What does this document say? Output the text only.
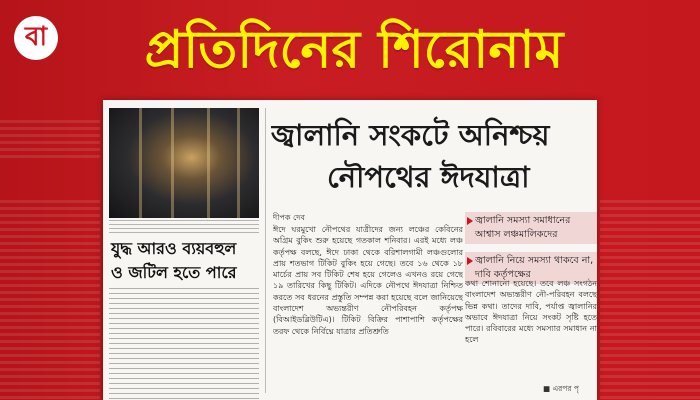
বা	প্রতিদিনের শিরোনাম
যুদ্ধ আরও ব্যয়বহুল
ও জটিল হতে পারে
জ্বালানি সংকটে অনিশ্চয়
নৌপথের ঈদযাত্রা
দীপক দেব
ঈদে ঘরমুখো নৌপথের যাত্রীদের জন্য লঞ্চের কেবিনের অগ্রিম বুকিং শুরু হয়েছে গতকাল শনিবার। এরই মধ্যে লঞ্চ কর্তৃপক্ষ বলছে, ঈদে ঢাকা থেকে বরিশালগামী লঞ্চগুলোর প্রায় শতভাগ টিকিট বুকিং হয়ে গেছে। তবে ১৬ থেকে ১৮ মার্চের প্রায় সব টিকিট শেষ হয়ে গেলেও এখনও রয়ে গেছে ১৯ তারিখের কিছু টিকিট। এদিকে নৌপথে ঈদযাত্রা নিশ্চিত করতে সব ধরনের প্রস্তুতি সম্পন্ন করা হয়েছে বলে জানিয়েছে বাংলাদেশ অভ্যন্তরীণ নৌপরিবহন কর্তৃপক্ষ (বিআইডব্লিউটিএ)। টিকিট বিক্রির পাশাপাশি কর্তৃপক্ষের তরফ থেকে নির্বিঘ্নে যাত্রার প্রতিশ্রুতি
জ্বালানি সমস্যা সমাধানের আশ্বাস লঞ্চমালিকদের
জ্বালানি নিয়ে সমস্যা থাকবে না, দাবি কর্তৃপক্ষের
কথা শোনানো হয়েছে। তবে লঞ্চ সংগঠন বাংলাদেশ অভ্যন্তরীণ নৌ-পরিবহন বলছে ভিন্ন কথা। তাদের দাবি, পর্যাপ্ত জ্বালানির অভাবে ঈদযাত্রা নিয়ে সংকট সৃষ্টি হতে পারে। রবিবারের মধ্যে সমস্যার সমাধান না হলে
■ এরপর পৃ
